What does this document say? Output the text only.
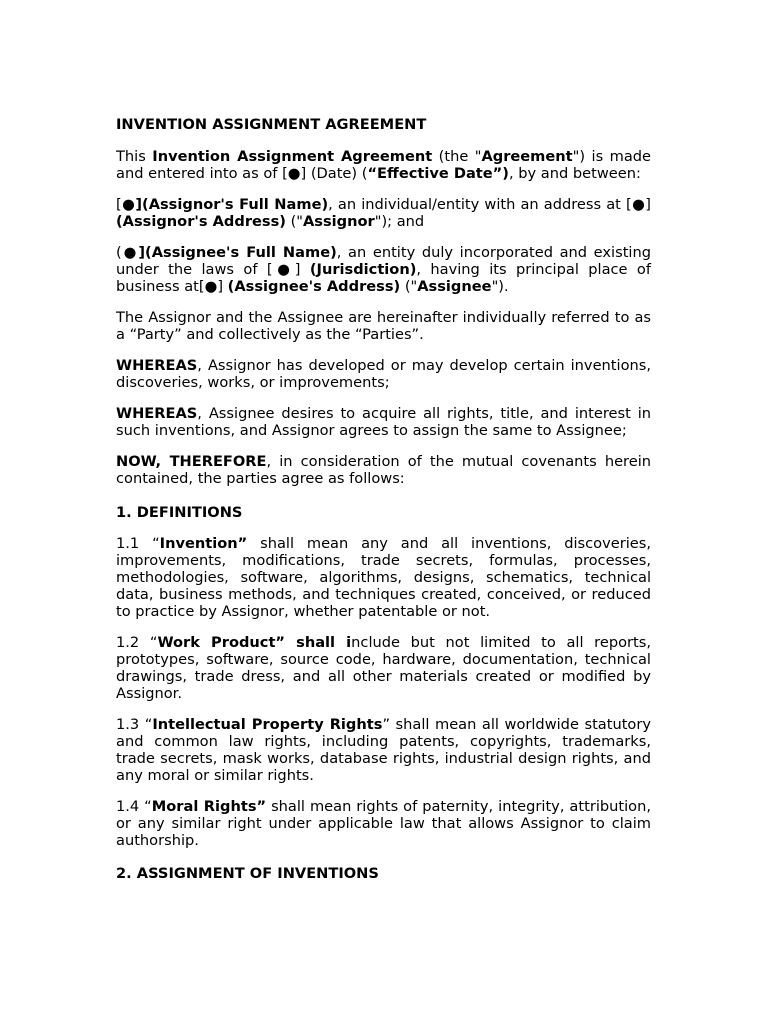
INVENTION ASSIGNMENT AGREEMENT

This Invention Assignment Agreement (the "Agreement") is made and entered into as of [●] (Date) (“Effective Date”), by and between:

[●](Assignor's Full Name), an individual/entity with an address at [●] (Assignor's Address) ("Assignor"); and

(●](Assignee's Full Name), an entity duly incorporated and existing under the laws of [●] (Jurisdiction), having its principal place of business at[●] (Assignee's Address) ("Assignee").

The Assignor and the Assignee are hereinafter individually referred to as a “Party” and collectively as the “Parties”.

WHEREAS, Assignor has developed or may develop certain inventions, discoveries, works, or improvements;

WHEREAS, Assignee desires to acquire all rights, title, and interest in such inventions, and Assignor agrees to assign the same to Assignee;

NOW, THEREFORE, in consideration of the mutual covenants herein contained, the parties agree as follows:

1. DEFINITIONS

1.1 “Invention” shall mean any and all inventions, discoveries, improvements, modifications, trade secrets, formulas, processes, methodologies, software, algorithms, designs, schematics, technical data, business methods, and techniques created, conceived, or reduced to practice by Assignor, whether patentable or not.

1.2 “Work Product” shall include but not limited to all reports, prototypes, software, source code, hardware, documentation, technical drawings, trade dress, and all other materials created or modified by Assignor.

1.3 “Intellectual Property Rights” shall mean all worldwide statutory and common law rights, including patents, copyrights, trademarks, trade secrets, mask works, database rights, industrial design rights, and any moral or similar rights.

1.4 “Moral Rights” shall mean rights of paternity, integrity, attribution, or any similar right under applicable law that allows Assignor to claim authorship.

2. ASSIGNMENT OF INVENTIONS
